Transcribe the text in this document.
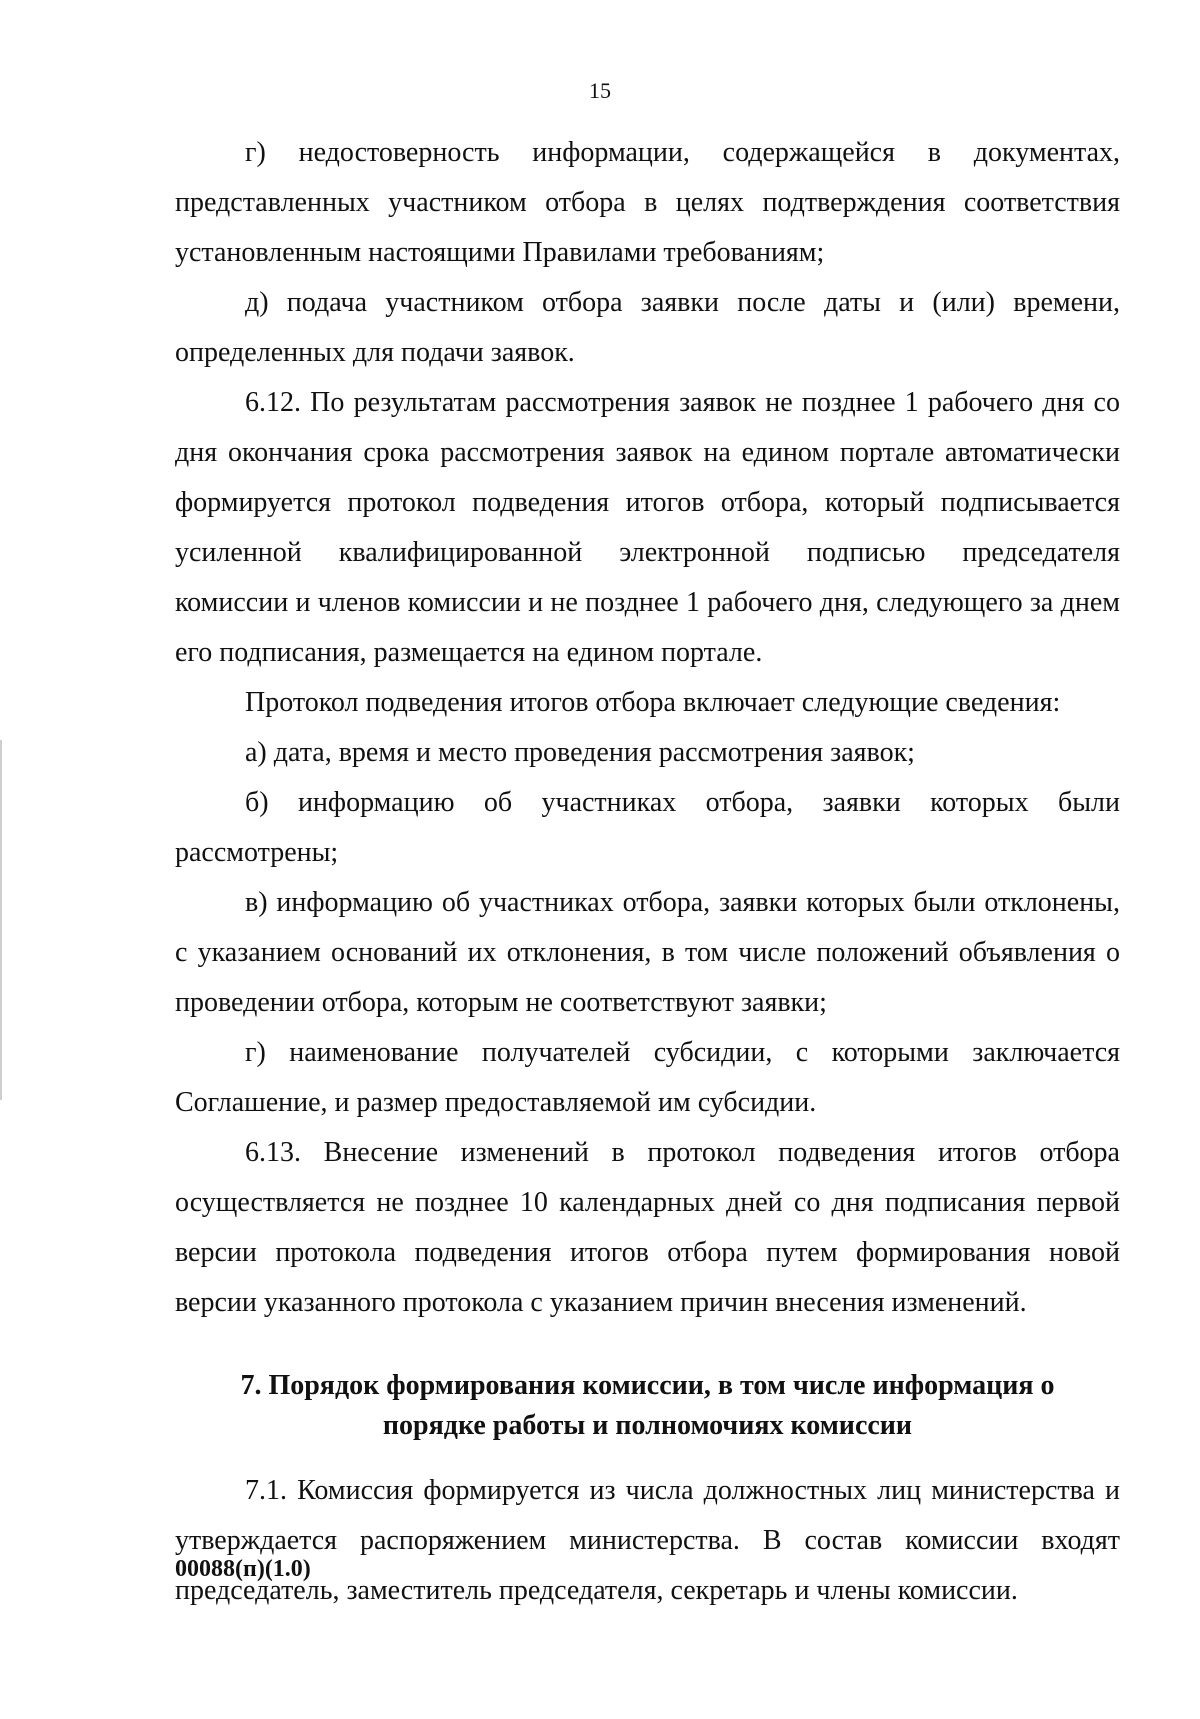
15

г) недостоверность информации, содержащейся в документах, представленных участником отбора в целях подтверждения соответствия установленным настоящими Правилами требованиям;

д) подача участником отбора заявки после даты и (или) времени, определенных для подачи заявок.

6.12. По результатам рассмотрения заявок не позднее 1 рабочего дня со дня окончания срока рассмотрения заявок на едином портале автоматически формируется протокол подведения итогов отбора, который подписывается усиленной квалифицированной электронной подписью председателя комиссии и членов комиссии и не позднее 1 рабочего дня, следующего за днем его подписания, размещается на едином портале.

Протокол подведения итогов отбора включает следующие сведения:

а) дата, время и место проведения рассмотрения заявок;

б) информацию об участниках отбора, заявки которых были рассмотрены;

в) информацию об участниках отбора, заявки которых были отклонены, с указанием оснований их отклонения, в том числе положений объявления о проведении отбора, которым не соответствуют заявки;

г) наименование получателей субсидии, с которыми заключается Соглашение, и размер предоставляемой им субсидии.

6.13. Внесение изменений в протокол подведения итогов отбора осуществляется не позднее 10 календарных дней со дня подписания первой версии протокола подведения итогов отбора путем формирования новой версии указанного протокола с указанием причин внесения изменений.

7. Порядок формирования комиссии, в том числе информация о порядке работы и полномочиях комиссии

7.1. Комиссия формируется из числа должностных лиц министерства и утверждается распоряжением министерства. В состав комиссии входят председатель, заместитель председателя, секретарь и члены комиссии.

00088(п)(1.0)
